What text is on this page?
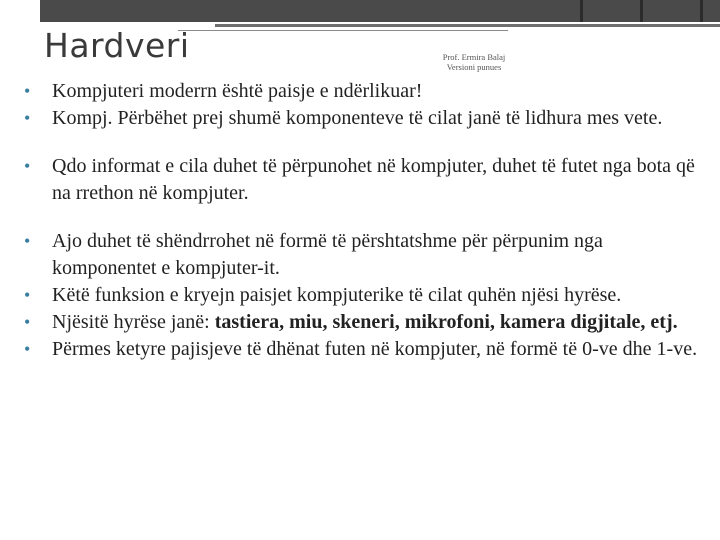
Hardveri	Prof. Ermira Balaj
Versioni punues
• Kompjuteri moderrn është paisje e ndërlikuar!
• Kompj. Përbëhet prej shumë komponenteve të cilat janë të lidhura mes vete.
• Qdo informat e cila duhet të përpunohet në kompjuter, duhet të futet nga bota që na rrethon në kompjuter.
• Ajo duhet të shëndrrohet në formë të përshtatshme për përpunim nga komponentet e kompjuter-it.
• Këtë funksion e kryejn paisjet kompjuterike të cilat quhën njësi hyrëse.
• Njësitë hyrëse janë: tastiera, miu, skeneri, mikrofoni, kamera digjitale, etj.
• Përmes ketyre pajisjeve të dhënat futen në kompjuter, në formë të 0-ve dhe 1-ve.
